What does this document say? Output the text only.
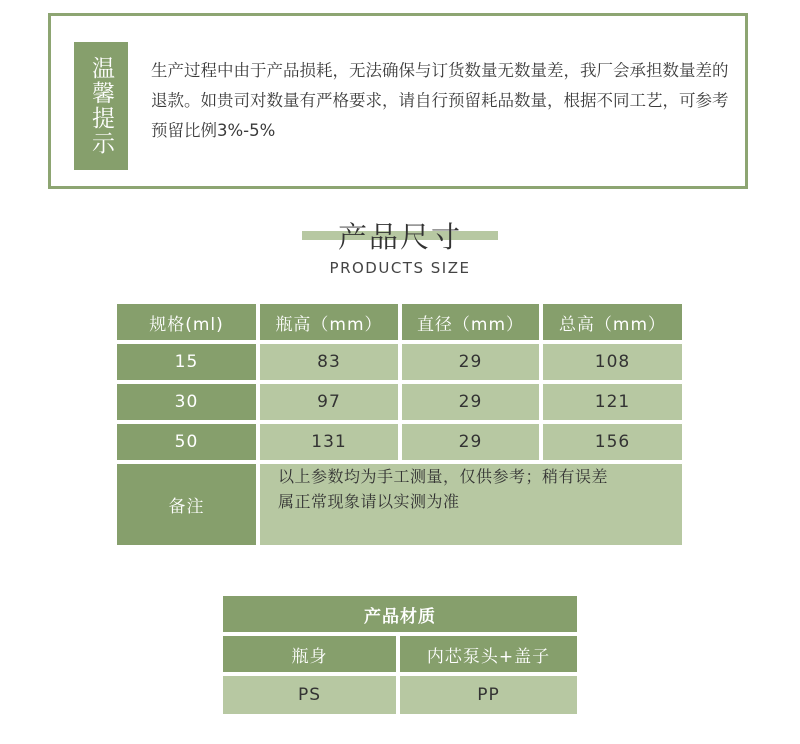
温馨提示	生产过程中由于产品损耗，无法确保与订货数量无数量差，我厂会承担数量差的退款。如贵司对数量有严格要求，请自行预留耗品数量，根据不同工艺，可参考预留比例3%-5%
产品尺寸
PRODUCTS SIZE
规格(ml)	瓶高（mm）	直径（mm）	总高（mm）
15	83	29	108
30	97	29	121
50	131	29	156
备注
以上参数均为手工测量，仅供参考；稍有误差
属正常现象请以实测为准
产品材质
瓶身	内芯泵头+盖子
PS	PP
